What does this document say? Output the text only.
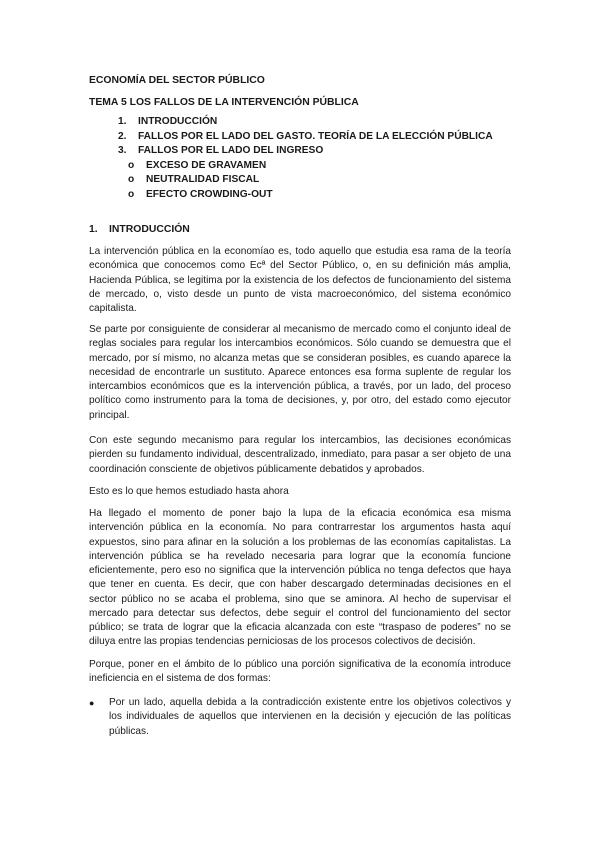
ECONOMÍA DEL SECTOR PÚBLICO
TEMA 5 LOS FALLOS DE LA INTERVENCIÓN PÚBLICA
1. INTRODUCCIÓN
2. FALLOS POR EL LADO DEL GASTO. TEORÍA DE LA ELECCIÓN PÚBLICA
3. FALLOS POR EL LADO DEL INGRESO
o EXCESO DE GRAVAMEN
o NEUTRALIDAD FISCAL
o EFECTO CROWDING-OUT
1. INTRODUCCIÓN

La intervención pública en la economíao es, todo aquello que estudia esa rama de la teoría económica que conocemos como Ecª del Sector Público, o, en su definición más amplia, Hacienda Pública, se legitima por la existencia de los defectos de funcionamiento del sistema de mercado, o, visto desde un punto de vista macroeconómico, del sistema económico capitalista.

Se parte por consiguiente de considerar al mecanismo de mercado como el conjunto ideal de reglas sociales para regular los intercambios económicos. Sólo cuando se demuestra que el mercado, por sí mismo, no alcanza metas que se consideran posibles, es cuando aparece la necesidad de encontrarle un sustituto. Aparece entonces esa forma suplente de regular los intercambios económicos que es la intervención pública, a través, por un lado, del proceso político como instrumento para la toma de decisiones, y, por otro, del estado como ejecutor principal.

Con este segundo mecanismo para regular los intercambios, las decisiones económicas pierden su fundamento individual, descentralizado, inmediato, para pasar a ser objeto de una coordinación consciente de objetivos públicamente debatidos y aprobados.

Esto es lo que hemos estudiado hasta ahora

Ha llegado el momento de poner bajo la lupa de la eficacia económica esa misma intervención pública en la economía. No para contrarrestar los argumentos hasta aquí expuestos, sino para afinar en la solución a los problemas de las economías capitalistas. La intervención pública se ha revelado necesaria para lograr que la economía funcione eficientemente, pero eso no significa que la intervención pública no tenga defectos que haya que tener en cuenta. Es decir, que con haber descargado determinadas decisiones en el sector público no se acaba el problema, sino que se aminora. Al hecho de supervisar el mercado para detectar sus defectos, debe seguir el control del funcionamiento del sector público; se trata de lograr que la eficacia alcanzada con este “traspaso de poderes” no se diluya entre las propias tendencias perniciosas de los procesos colectivos de decisión.

Porque, poner en el ámbito de lo público una porción significativa de la economía introduce ineficiencia en el sistema de dos formas:

● Por un lado, aquella debida a la contradicción existente entre los objetivos colectivos y los individuales de aquellos que intervienen en la decisión y ejecución de las políticas públicas.
